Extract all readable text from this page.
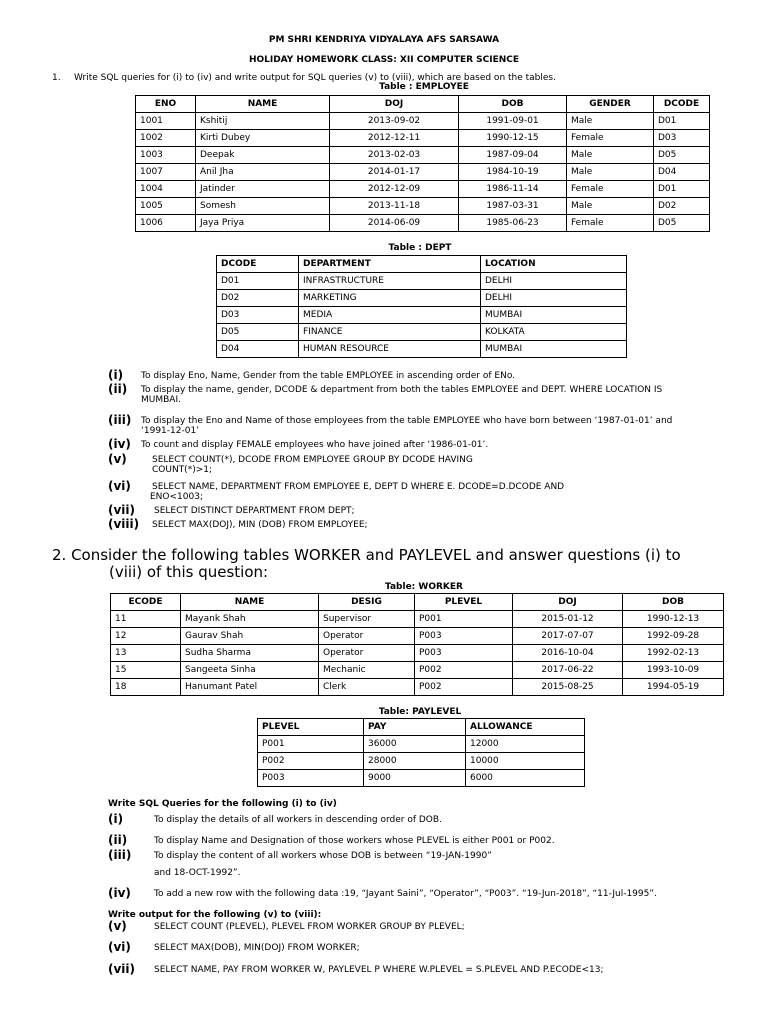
PM SHRI KENDRIYA VIDYALAYA AFS SARSAWA
HOLIDAY HOMEWORK CLASS: XII COMPUTER SCIENCE
1. Write SQL queries for (i) to (iv) and write output for SQL queries (v) to (viii), which are based on the tables.
Table : EMPLOYEE
ENO	NAME	DOJ	DOB	GENDER	DCODE
1001	Kshitij	2013-09-02	1991-09-01	Male	D01
1002	Kirti Dubey	2012-12-11	1990-12-15	Female	D03
1003	Deepak	2013-02-03	1987-09-04	Male	D05
1007	Anil Jha	2014-01-17	1984-10-19	Male	D04
1004	Jatinder	2012-12-09	1986-11-14	Female	D01
1005	Somesh	2013-11-18	1987-03-31	Male	D02
1006	Jaya Priya	2014-06-09	1985-06-23	Female	D05
Table : DEPT
DCODE	DEPARTMENT	LOCATION
D01	INFRASTRUCTURE	DELHI
D02	MARKETING	DELHI
D03	MEDIA	MUMBAI
D05	FINANCE	KOLKATA
D04	HUMAN RESOURCE	MUMBAI
(i) To display Eno, Name, Gender from the table EMPLOYEE in ascending order of ENo.
(ii) To display the name, gender, DCODE & department from both the tables EMPLOYEE and DEPT. WHERE LOCATION IS
MUMBAI.
(iii) To display the Eno and Name of those employees from the table EMPLOYEE who have born between ‘1987-01-01’ and
‘1991-12-01’
(iv) To count and display FEMALE employees who have joined after ‘1986-01-01’.
(v)	SELECT COUNT(*), DCODE FROM EMPLOYEE GROUP BY DCODE HAVING
COUNT(*)>1;
(vi) SELECT NAME, DEPARTMENT FROM EMPLOYEE E, DEPT D WHERE E. DCODE=D.DCODE AND
ENO<1003;
(vii) SELECT DISTINCT DEPARTMENT FROM DEPT;
(viii) SELECT MAX(DOJ), MIN (DOB) FROM EMPLOYEE;
2. Consider the following tables WORKER and PAYLEVEL and answer questions (i) to
(viii) of this question:
Table: WORKER
ECODE	NAME	DESIG	PLEVEL	DOJ	DOB
11	Mayank Shah	Supervisor	P001	2015-01-12	1990-12-13
12	Gaurav Shah	Operator	P003	2017-07-07	1992-09-28
13	Sudha Sharma	Operator	P003	2016-10-04	1992-02-13
15	Sangeeta Sinha	Mechanic	P002	2017-06-22	1993-10-09
18	Hanumant Patel	Clerk	P002	2015-08-25	1994-05-19
Table: PAYLEVEL
PLEVEL	PAY	ALLOWANCE
P001	36000	12000
P002	28000	10000
P003	9000	6000
Write SQL Queries for the following (i) to (iv)
(i)	To display the details of all workers in descending order of DOB.
(ii)	To display Name and Designation of those workers whose PLEVEL is either P001 or P002.
(iii)	To display the content of all workers whose DOB is between “19-JAN-1990”
and 18-OCT-1992”.
(iv)	To add a new row with the following data :19, “Jayant Saini”, “Operator”, “P003”. “19-Jun-2018”, “11-Jul-1995”.
Write output for the following (v) to (viii):
(v)	SELECT COUNT (PLEVEL), PLEVEL FROM WORKER GROUP BY PLEVEL;
(vi)	SELECT MAX(DOB), MIN(DOJ) FROM WORKER;
(vii) SELECT NAME, PAY FROM WORKER W, PAYLEVEL P WHERE W.PLEVEL = S.PLEVEL AND P.ECODE<13;
